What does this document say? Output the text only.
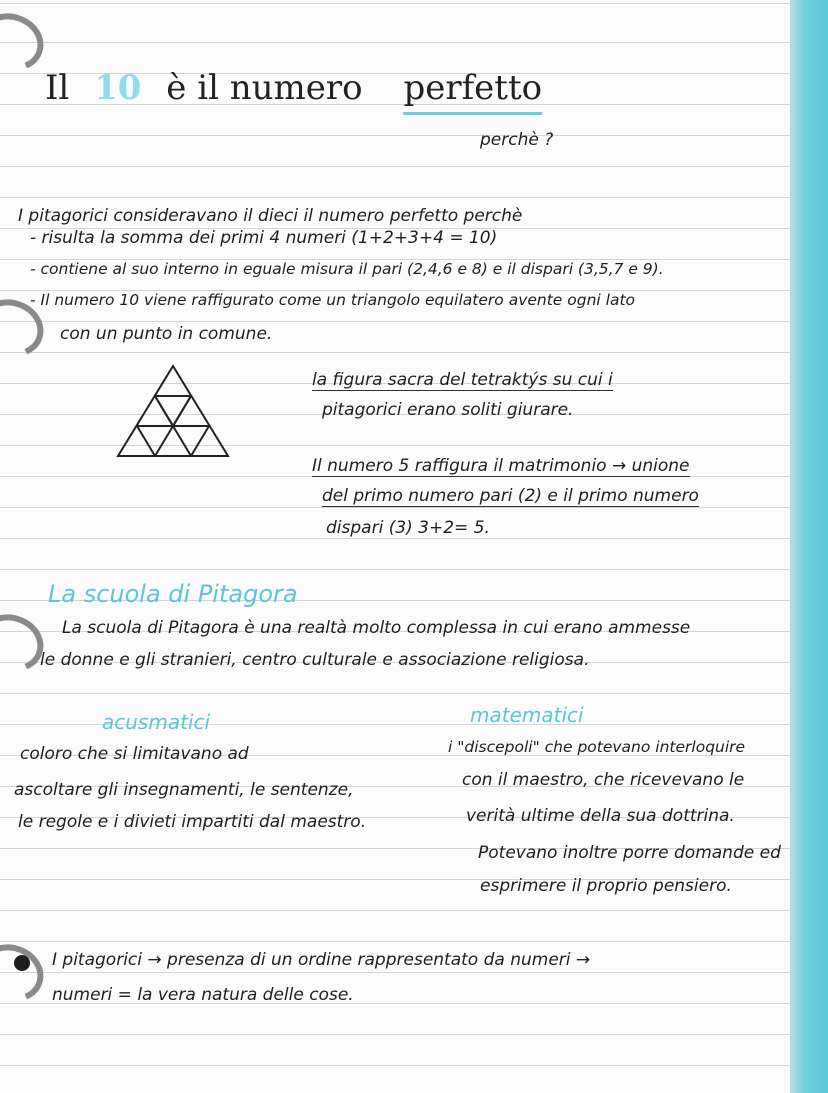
Il 10 è il numero perfetto
perchè ?
I pitagorici consideravano il dieci il numero perfetto perchè
- risulta la somma dei primi 4 numeri (1+2+3+4 = 10)
- contiene al suo interno in eguale misura il pari (2,4,6 e 8) e il dispari (3,5,7 e 9).
- Il numero 10 viene raffigurato come un triangolo equilatero avente ogni lato
con un punto in comune.
la figura sacra del tetraktýs su cui i
pitagorici erano soliti giurare.
Il numero 5 raffigura il matrimonio → unione
del primo numero pari (2) e il primo numero
dispari (3) 3+2= 5.
La scuola di Pitagora
La scuola di Pitagora è una realtà molto complessa in cui erano ammesse
le donne e gli stranieri, centro culturale e associazione religiosa.
acusmatici
coloro che si limitavano ad
ascoltare gli insegnamenti, le sentenze,
le regole e i divieti impartiti dal maestro.
matematici
i "discepoli" che potevano interloquire
con il maestro, che ricevevano le
verità ultime della sua dottrina.
Potevano inoltre porre domande ed
esprimere il proprio pensiero.
I pitagorici → presenza di un ordine rappresentato da numeri →
numeri = la vera natura delle cose.
